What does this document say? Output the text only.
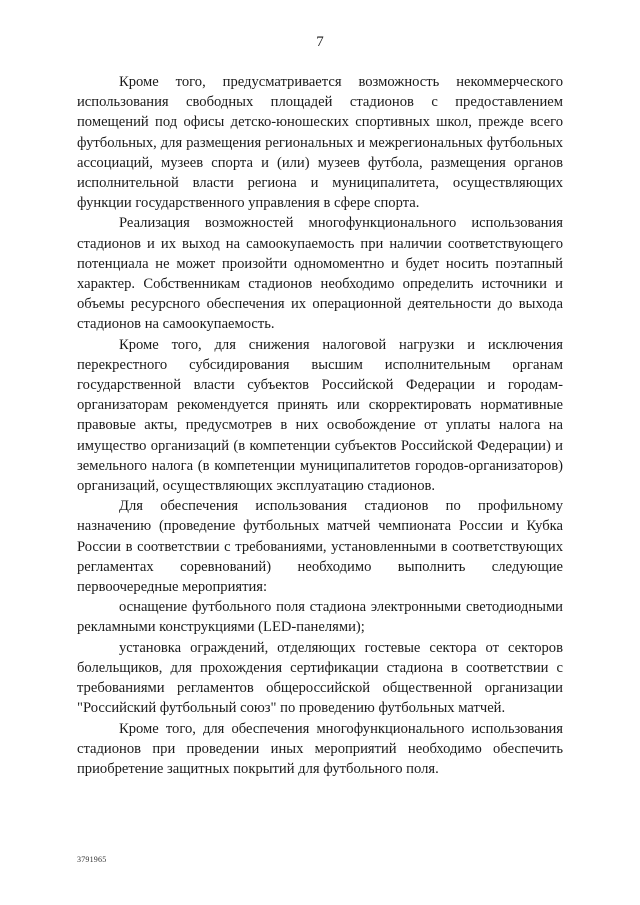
7

Кроме того, предусматривается возможность некоммерческого использования свободных площадей стадионов с предоставлением помещений под офисы детско-юношеских спортивных школ, прежде всего футбольных, для размещения региональных и межрегиональных футбольных ассоциаций, музеев спорта и (или) музеев футбола, размещения органов исполнительной власти региона и муниципалитета, осуществляющих функции государственного управления в сфере спорта.

Реализация возможностей многофункционального использования стадионов и их выход на самоокупаемость при наличии соответствующего потенциала не может произойти одномоментно и будет носить поэтапный характер. Собственникам стадионов необходимо определить источники и объемы ресурсного обеспечения их операционной деятельности до выхода стадионов на самоокупаемость.

Кроме того, для снижения налоговой нагрузки и исключения перекрестного субсидирования высшим исполнительным органам государственной власти субъектов Российской Федерации и городам-организаторам рекомендуется принять или скорректировать нормативные правовые акты, предусмотрев в них освобождение от уплаты налога на имущество организаций (в компетенции субъектов Российской Федерации) и земельного налога (в компетенции муниципалитетов городов-организаторов) организаций, осуществляющих эксплуатацию стадионов.

Для обеспечения использования стадионов по профильному назначению (проведение футбольных матчей чемпионата России и Кубка России в соответствии с требованиями, установленными в соответствующих регламентах соревнований) необходимо выполнить следующие первоочередные мероприятия:

оснащение футбольного поля стадиона электронными светодиодными рекламными конструкциями (LED-панелями);

установка ограждений, отделяющих гостевые сектора от секторов болельщиков, для прохождения сертификации стадиона в соответствии с требованиями регламентов общероссийской общественной организации "Российский футбольный союз" по проведению футбольных матчей.

Кроме того, для обеспечения многофункционального использования стадионов при проведении иных мероприятий необходимо обеспечить приобретение защитных покрытий для футбольного поля.

3791965
